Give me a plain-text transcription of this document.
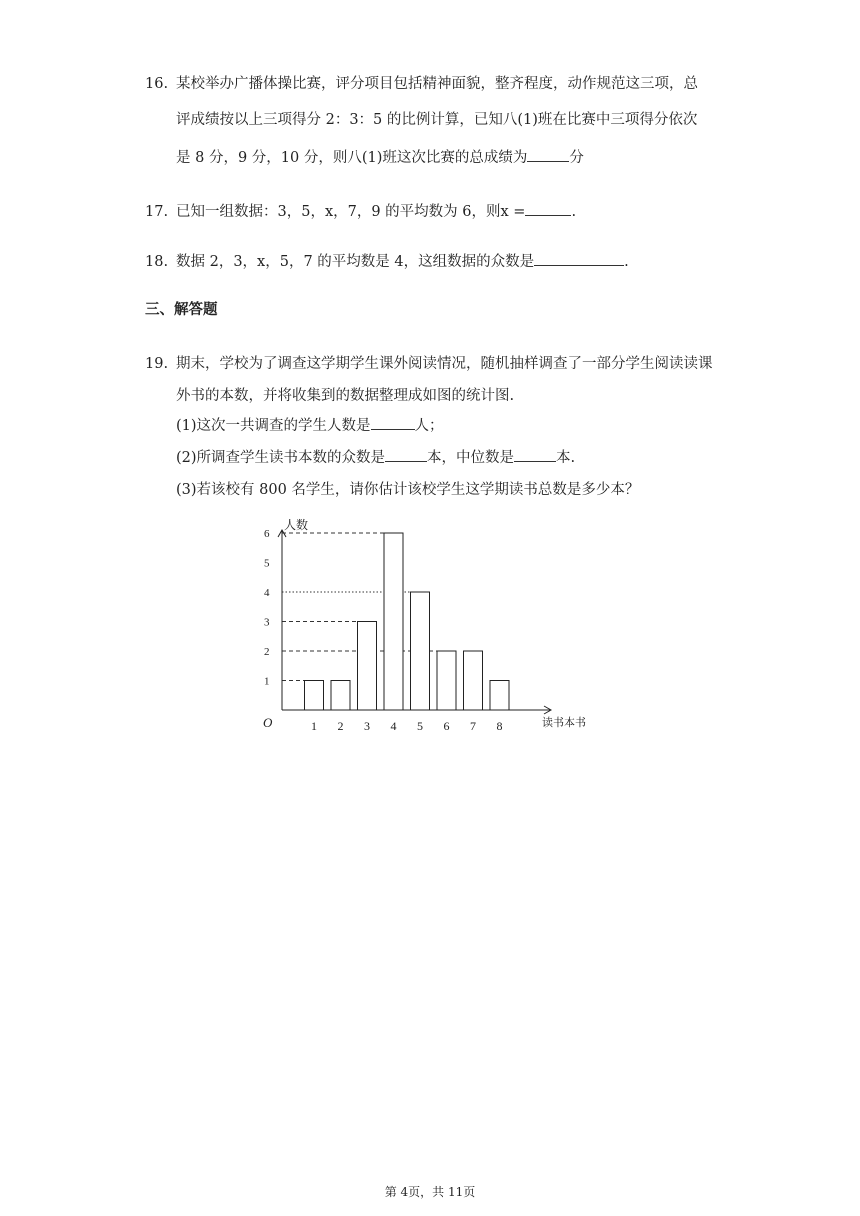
16. 某校举办广播体操比赛，评分项目包括精神面貌，整齐程度，动作规范这三项，总
评成绩按以上三项得分 2：3：5 的比例计算，已知八(1)班在比赛中三项得分依次
是 8 分，9 分，10 分，则八(1)班这次比赛的总成绩为	分
17. 已知一组数据：3，5，x，7，9 的平均数为 6，则x =	.
18. 数据 2，3，x，5，7 的平均数是 4，这组数据的众数是	.
三、解答题
19. 期末，学校为了调查这学期学生课外阅读情况，随机抽样调查了一部分学生阅读读课
外书的本数，并将收集到的数据整理成如图的统计图.
(1)这次一共调查的学生人数是	人；
(2)所调查学生读书本数的众数是	本，中位数是	本.
(3)若该校有 800 名学生，请你估计该校学生这学期读书总数是多少本？
人数
读书本书
O
1
2
3
4
5
6
1 2 3 4 5 6 7 8
第 4页，共 11页
